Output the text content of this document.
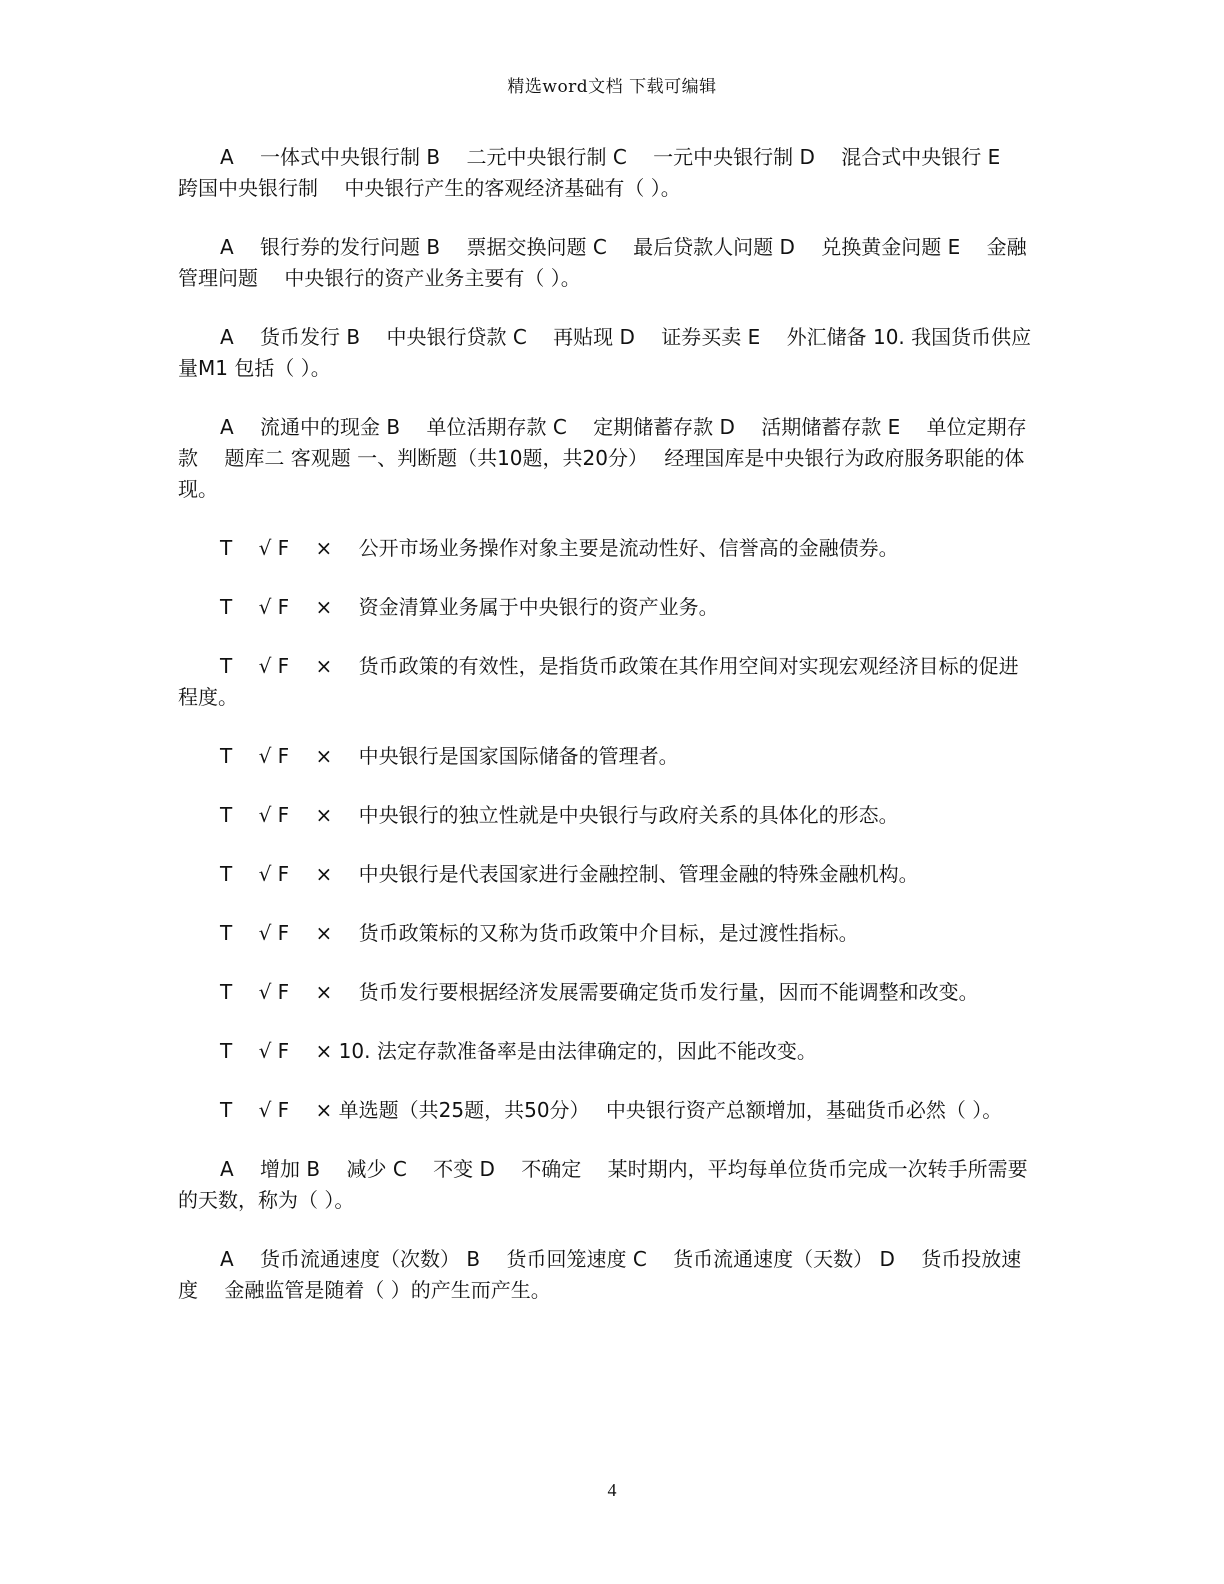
精选word文档 下载可编辑

A　 一体式中央银行制 B　 二元中央银行制 C　 一元中央银行制 D　 混合式中央银行 E　 跨国中央银行制　 中央银行产生的客观经济基础有（ ）。

A　 银行券的发行问题 B　 票据交换问题 C　 最后贷款人问题 D　 兑换黄金问题 E　 金融管理问题　 中央银行的资产业务主要有（ ）。

A　 货币发行 B　 中央银行贷款 C　 再贴现 D　 证券买卖 E　 外汇储备 10. 我国货币供应量M1 包括（ ）。

A　 流通中的现金 B　 单位活期存款 C　 定期储蓄存款 D　 活期储蓄存款 E　 单位定期存款　 题库二 客观题 一、判断题（共10题，共20分）　 经理国库是中央银行为政府服务职能的体现。

T　 √ F　 ×　 公开市场业务操作对象主要是流动性好、信誉高的金融债券。

T　 √ F　 ×　 资金清算业务属于中央银行的资产业务。

T　 √ F　 ×　 货币政策的有效性，是指货币政策在其作用空间对实现宏观经济目标的促进程度。

T　 √ F　 ×　 中央银行是国家国际储备的管理者。

T　 √ F　 ×　 中央银行的独立性就是中央银行与政府关系的具体化的形态。

T　 √ F　 ×　 中央银行是代表国家进行金融控制、管理金融的特殊金融机构。

T　 √ F　 ×　 货币政策标的又称为货币政策中介目标，是过渡性指标。

T　 √ F　 ×　 货币发行要根据经济发展需要确定货币发行量，因而不能调整和改变。

T　 √ F　 × 10. 法定存款准备率是由法律确定的，因此不能改变。

T　 √ F　 × 单选题（共25题，共50分）　 中央银行资产总额增加，基础货币必然（ ）。

A　 增加 B　 减少 C　 不变 D　 不确定　 某时期内，平均每单位货币完成一次转手所需要的天数，称为（ ）。

A　 货币流通速度（次数） B　 货币回笼速度 C　 货币流通速度（天数） D　 货币投放速度　 金融监管是随着（ ）的产生而产生。

4
